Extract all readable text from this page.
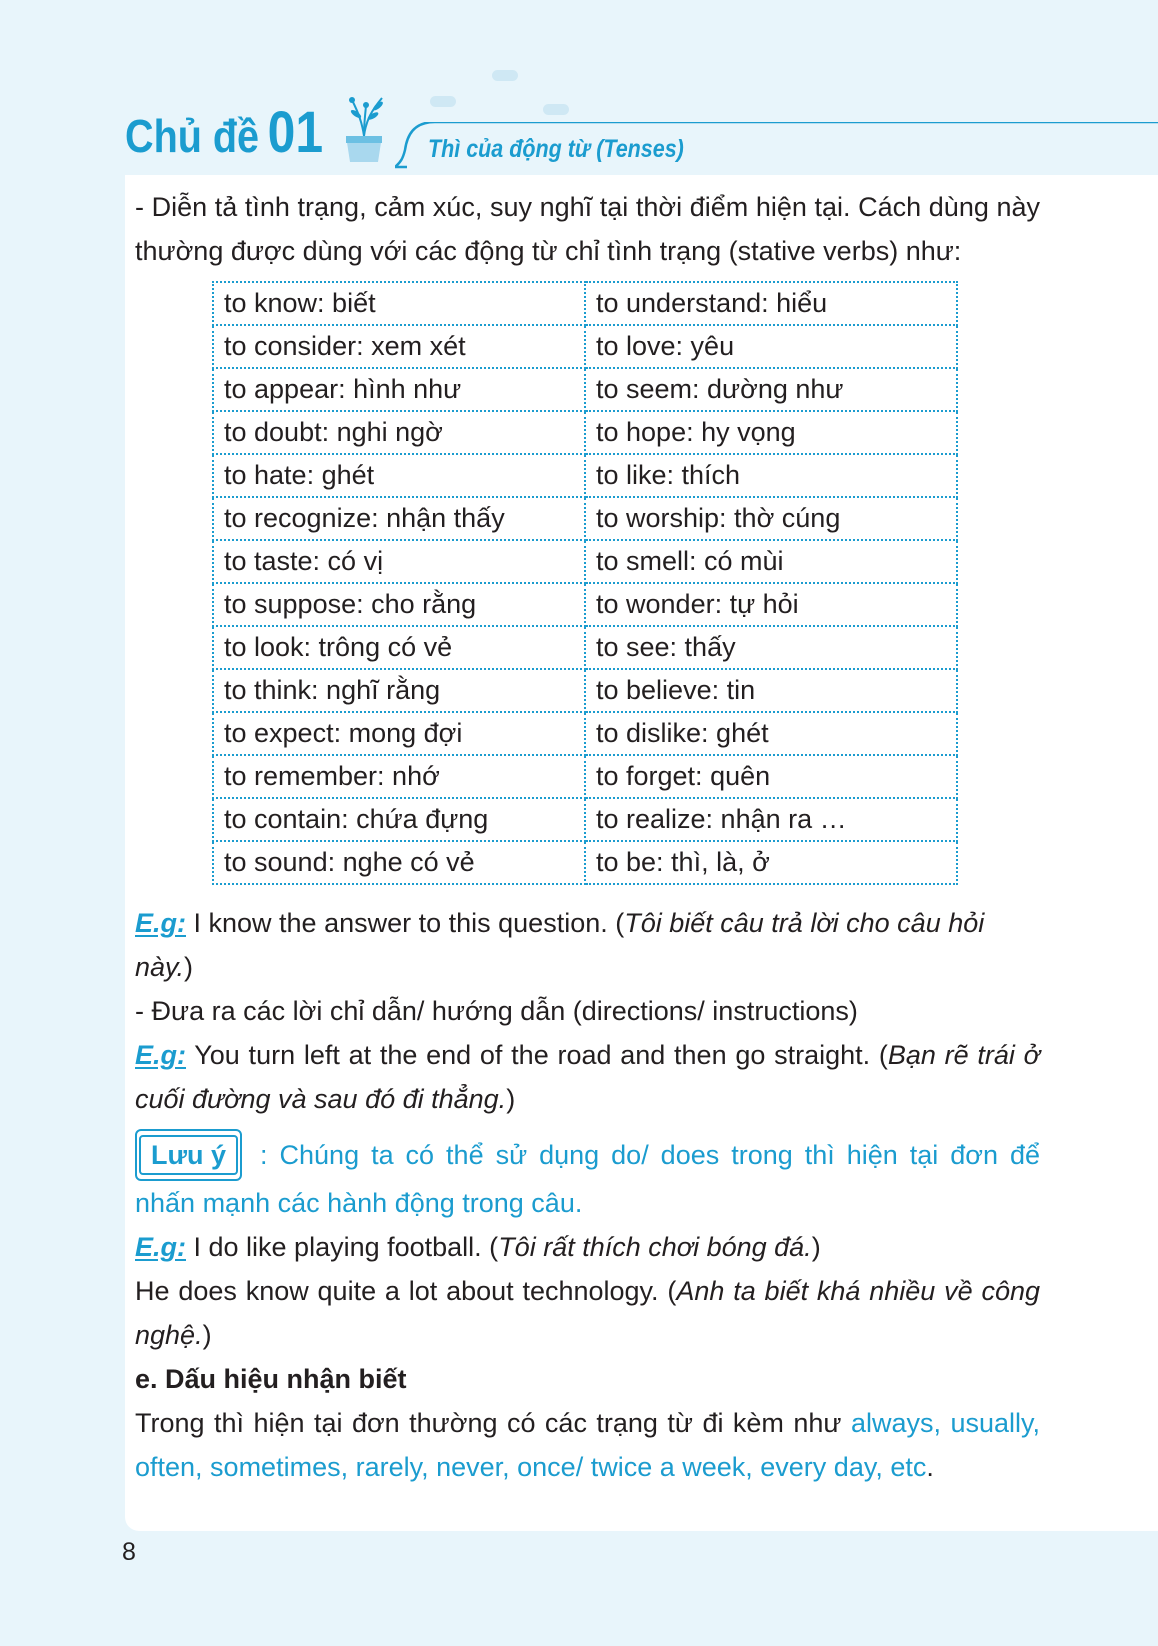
Chủ đề 01	Thì của động từ (Tenses)

- Diễn tả tình trạng, cảm xúc, suy nghĩ tại thời điểm hiện tại. Cách dùng này thường được dùng với các động từ chỉ tình trạng (stative verbs) như:

to know: biết	to understand: hiểu
to consider: xem xét	to love: yêu
to appear: hình như	to seem: dường như
to doubt: nghi ngờ	to hope: hy vọng
to hate: ghét	to like: thích
to recognize: nhận thấy	to worship: thờ cúng
to taste: có vị	to smell: có mùi
to suppose: cho rằng	to wonder: tự hỏi
to look: trông có vẻ	to see: thấy
to think: nghĩ rằng	to believe: tin
to expect: mong đợi	to dislike: ghét
to remember: nhớ	to forget: quên
to contain: chứa đựng	to realize: nhận ra …
to sound: nghe có vẻ	to be: thì, là, ở

E.g: I know the answer to this question. (Tôi biết câu trả lời cho câu hỏi này.)

- Đưa ra các lời chỉ dẫn/ hướng dẫn (directions/ instructions)

E.g: You turn left at the end of the road and then go straight. (Bạn rẽ trái ở cuối đường và sau đó đi thẳng.)

Lưu ý : Chúng ta có thể sử dụng do/ does trong thì hiện tại đơn để nhấn mạnh các hành động trong câu.

E.g: I do like playing football. (Tôi rất thích chơi bóng đá.)

He does know quite a lot about technology. (Anh ta biết khá nhiều về công nghệ.)

e. Dấu hiệu nhận biết

Trong thì hiện tại đơn thường có các trạng từ đi kèm như always, usually, often, sometimes, rarely, never, once/ twice a week, every day, etc.

8
